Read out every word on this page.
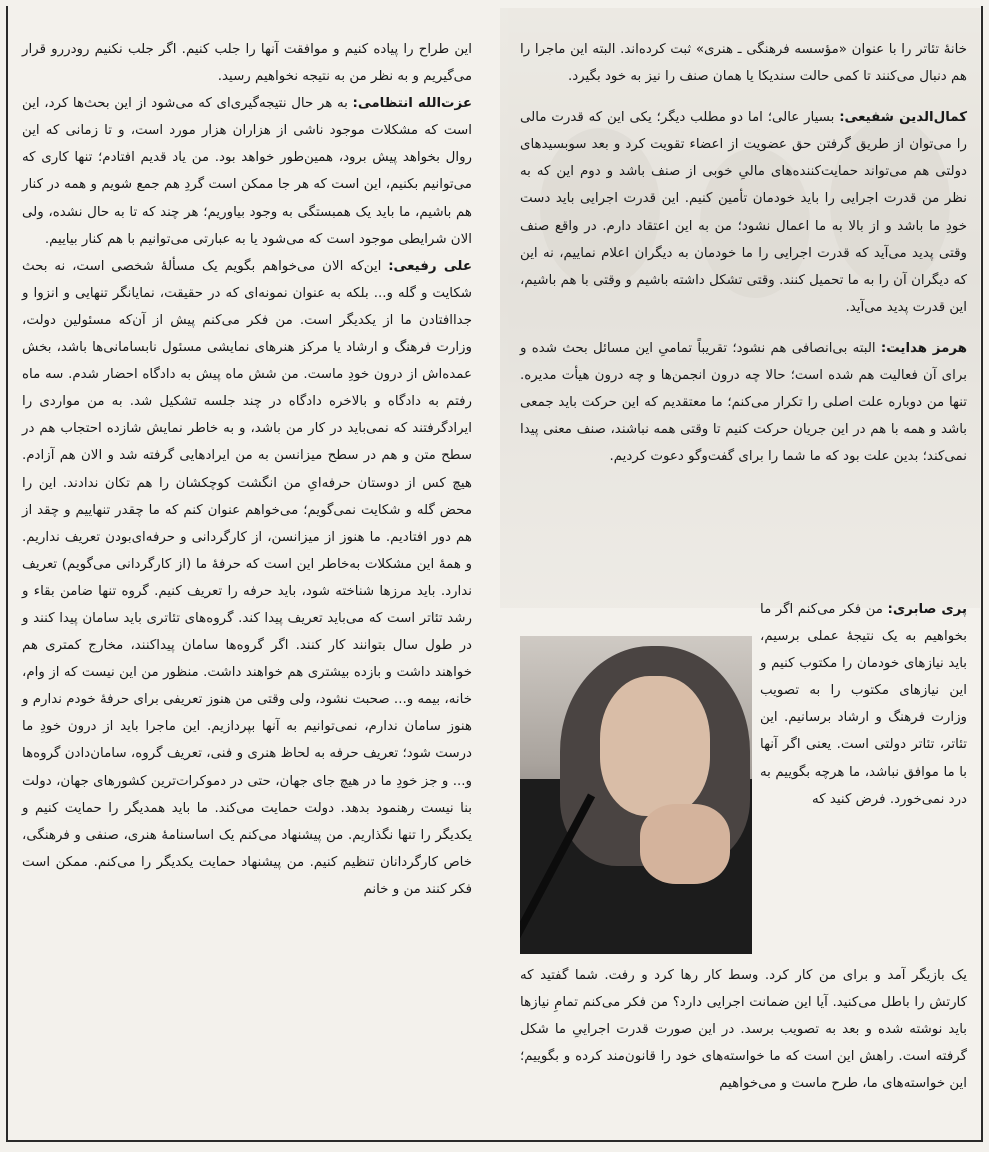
این طراح را پیاده کنیم و موافقت آنها را جلب کنیم. اگر جلب نکنیم رودررو قرار می‌گیریم و به نظر من به نتیجه نخواهیم رسید.

عزت‌الله انتظامی: به هر حال نتیجه‌گیری‌ای که می‌شود از این بحث‌ها کرد، این است که مشکلات موجود ناشی از هزاران هزار مورد است، و تا زمانی که این روال بخواهد پیش برود، همین‌طور خواهد بود. من یاد قدیم افتادم؛ تنها کاری که می‌توانیم بکنیم، این است که هر جا ممکن است گردِ هم جمع شویم و همه در کنار هم باشیم، ما باید یک همبستگی به وجود بیاوریم؛ هر چند که تا به حال نشده، ولی الان شرایطی موجود است که می‌شود یا به عبارتی می‌توانیم با هم کنار بیاییم.

علی رفیعی: این‌که الان می‌خواهم بگویم یک مسألهٔ شخصی است، نه بحث شکایت و گله و... بلکه به عنوان نمونه‌ای که در حقیقت، نمایانگر تنهایی و انزوا و جداافتادن ما از یکدیگر است. من فکر می‌کنم پیش از آن‌که مسئولین دولت، وزارت فرهنگ و ارشاد یا مرکز هنرهای نمایشی مسئول نابسامانی‌ها باشد، بخش عمده‌اش از درون خودِ ماست. من شش ماه پیش به دادگاه احضار شدم. سه ماه رفتم به دادگاه و بالاخره دادگاه در چند جلسه تشکیل شد. به من مواردی را ایرادگرفتند که نمی‌باید در کار من باشد، و به خاطر نمایش شازده احتجاب هم در سطح متن و هم در سطح میزانسن به من ایرادهایی گرفته شد و الان هم آزادم. هیچ کس از دوستان حرفه‌ایِ من انگشت کوچکشان را هم تکان ندادند. این را محض گله و شکایت نمی‌گویم؛ می‌خواهم عنوان کنم که ما چقدر تنهاییم و چقد از هم دور افتادیم. ما هنوز از میزانسن، از کارگردانی و حرفه‌ای‌بودن تعریف نداریم. و همهٔ این مشکلات به‌خاطر این است که حرفهٔ ما (از کارگردانی می‌گویم) تعریف ندارد. باید مرزها شناخته شود، باید حرفه را تعریف کنیم. گروه تنها ضامن بقاء و رشد تئاتر است که می‌باید تعریف پیدا کند. گروه‌های تئاتری باید سامان پیدا کنند و در طول سال بتوانند کار کنند. اگر گروه‌ها سامان پیداکنند، مخارج کمتری هم خواهند داشت و بازده بیشتری هم خواهند داشت. منظور من این نیست که از وام، خانه، بیمه و... صحبت نشود، ولی وقتی من هنوز تعریفی برای حرفهٔ خودم ندارم و هنوز سامان ندارم، نمی‌توانیم به آنها بپردازیم. این ماجرا باید از درون خودِ ما درست شود؛ تعریف حرفه به لحاظ هنری و فنی، تعریف گروه، سامان‌دادن گروه‌ها و... و جز خودِ ما در هیچ جای جهان، حتی در دموکرات‌ترین کشورهای جهان، دولت بنا نیست رهنمود بدهد. دولت حمایت می‌کند. ما باید همدیگر را حمایت کنیم و یکدیگر را تنها نگذاریم. من پیشنهاد می‌کنم یک اساسنامهٔ هنری، صنفی و فرهنگی، خاص کارگردانان تنظیم کنیم. من پیشنهاد حمایت یکدیگر را می‌کنم. ممکن است فکر کنند من و خانم

خانهٔ تئاتر را با عنوان «مؤسسه فرهنگی ـ هنری» ثبت کرده‌اند. البته این ماجرا را هم دنبال می‌کنند تا کمی حالت سندیکا یا همان صنف را نیز به خود بگیرد.

کمال‌الدین شفیعی: بسیار عالی؛ اما دو مطلب دیگر؛ یکی این که قدرت مالی را می‌توان از طریق گرفتن حق عضویت از اعضاء تقویت کرد و بعد سوبسیدهای دولتی هم می‌تواند حمایت‌کننده‌های مالیِ خوبی از صنف باشد و دوم این که به نظر من قدرت اجرایی را باید خودمان تأمین کنیم. این قدرت اجرایی باید دست خودِ ما باشد و از بالا به ما اعمال نشود؛ من به این اعتقاد دارم. در واقع صنف وقتی پدید می‌آید که قدرت اجرایی را ما خودمان به دیگران اعلام نماییم، نه این که دیگران آن را به ما تحمیل کنند. وقتی تشکل داشته باشیم و وقتی با هم باشیم، این قدرت پدید می‌آید.

هرمز هدایت: البته بی‌انصافی هم نشود؛ تقریباً تمامیِ این مسائل بحث شده و برای آن فعالیت هم شده است؛ حالا چه درون انجمن‌ها و چه درون هیأت مدیره. تنها من دوباره علت اصلی را تکرار می‌کنم؛ ما معتقدیم که این حرکت باید جمعی باشد و همه با هم در این جریان حرکت کنیم تا وقتی همه نباشند، صنف معنی پیدا نمی‌کند؛ بدین علت بود که ما شما را برای گفت‌وگو دعوت کردیم.

پری صابری: من فکر می‌کنم اگر ما بخواهیم به یک نتیجهٔ عملی برسیم، باید نیازهای خودمان را مکتوب کنیم و این نیازهای مکتوب را به تصویب وزارت فرهنگ و ارشاد برسانیم. این تئاتر، تئاتر دولتی است. یعنی اگر آنها با ما موافق نباشد، ما هرچه بگوییم به درد نمی‌خورد. فرض کنید که
یک بازیگر آمد و برای من کار کرد. وسط کار رها کرد و رفت. شما گفتید که کارتش را باطل می‌کنید. آیا این ضمانت اجرایی دارد؟ من فکر می‌کنم تمامِ نیازها باید نوشته شده و بعد به تصویب برسد. در این صورت قدرت اجراییِ ما شکل گرفته است. راهش این است که ما خواسته‌های خود را قانون‌مند کرده و بگوییم؛ این خواسته‌های ما، طرح ماست و می‌خواهیم
